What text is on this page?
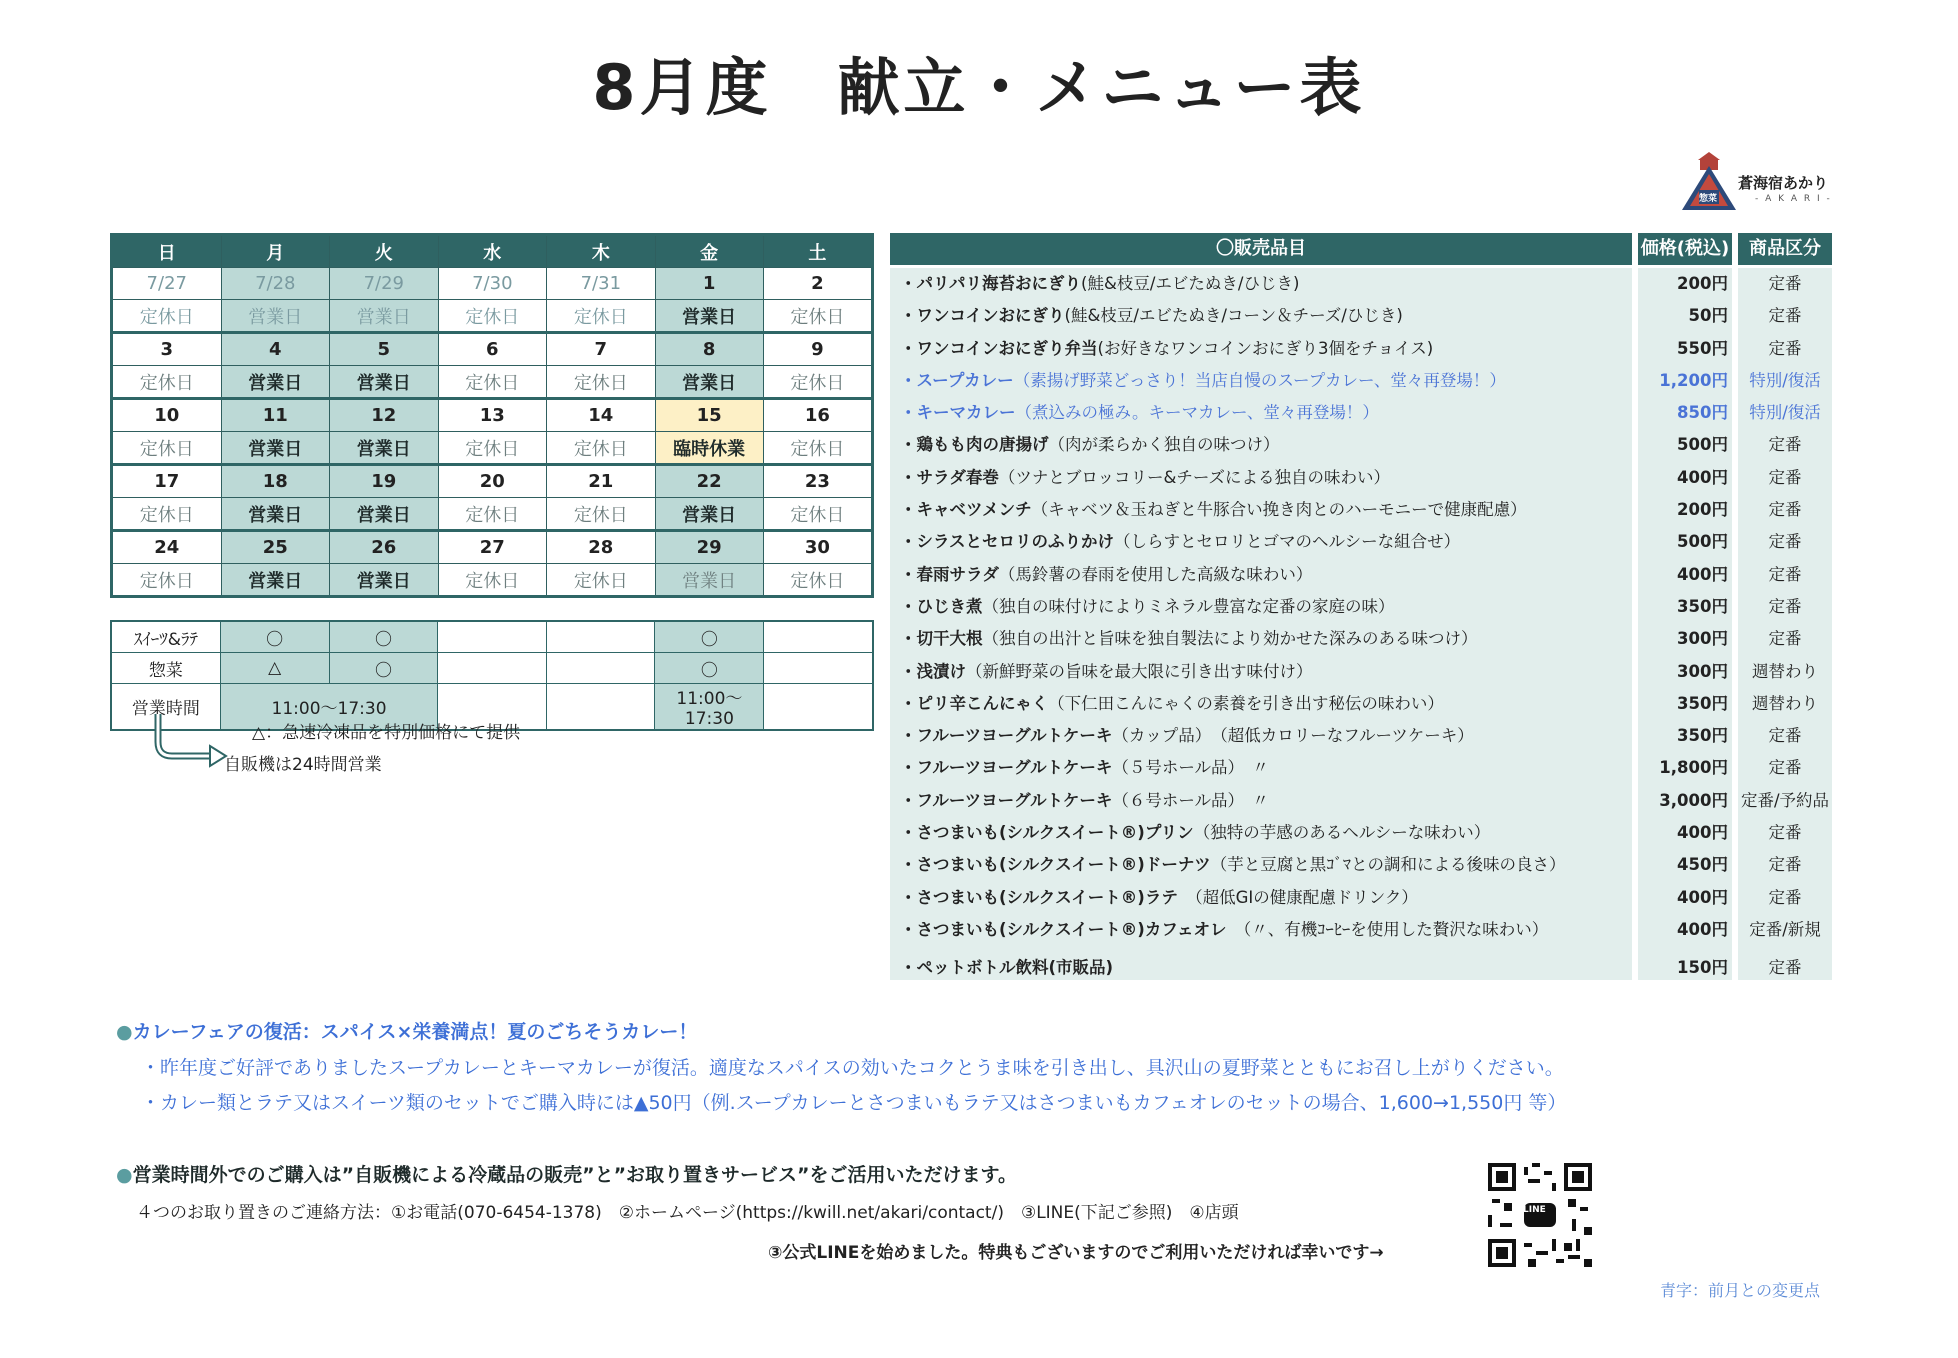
8月度　献立・メニュー表
惣菜
蒼海宿あかり
- A K A R I -
日	月	火	水	木	金	土
7/27	7/28	7/29	7/30	7/31	1	2
定休日	営業日	営業日	定休日	定休日	営業日	定休日
3	4	5	6	7	8	9
定休日	営業日	営業日	定休日	定休日	営業日	定休日
10	11	12	13	14	15	16
定休日	営業日	営業日	定休日	定休日	臨時休業	定休日
17	18	19	20	21	22	23
定休日	営業日	営業日	定休日	定休日	営業日	定休日
24	25	26	27	28	29	30
定休日	営業日	営業日	定休日	定休日	営業日	定休日
ｽｲｰﾂ&ﾗﾃ	〇	〇			〇	
惣菜	△	〇			〇	
営業時間	11:00～17:30				11:00～17:30	
△：急速冷凍品を特別価格にて提供
自販機は24時間営業
〇販売品目	価格(税込)	商品区分
・パリパリ海苔おにぎり(鮭&枝豆/エビたぬき/ひじき)	200円	定番
・ワンコインおにぎり(鮭&枝豆/エビたぬき/コーン＆チーズ/ひじき)	50円	定番
・ワンコインおにぎり弁当(お好きなワンコインおにぎり3個をチョイス)	550円	定番
・スープカレー（素揚げ野菜どっさり！当店自慢のスープカレー、堂々再登場！）	1,200円	特別/復活
・キーマカレー（煮込みの極み。キーマカレー、堂々再登場！）	850円	特別/復活
・鶏もも肉の唐揚げ（肉が柔らかく独自の味つけ）	500円	定番
・サラダ春巻（ツナとブロッコリー&チーズによる独自の味わい）	400円	定番
・キャベツメンチ（キャベツ＆玉ねぎと牛豚合い挽き肉とのハーモニーで健康配慮）	200円	定番
・シラスとセロリのふりかけ（しらすとセロリとゴマのヘルシーな組合せ）	500円	定番
・春雨サラダ（馬鈴薯の春雨を使用した高級な味わい）	400円	定番
・ひじき煮（独自の味付けによりミネラル豊富な定番の家庭の味）	350円	定番
・切干大根（独自の出汁と旨味を独自製法により効かせた深みのある味つけ）	300円	定番
・浅漬け（新鮮野菜の旨味を最大限に引き出す味付け）	300円	週替わり
・ピリ辛こんにゃく（下仁田こんにゃくの素養を引き出す秘伝の味わい）	350円	週替わり
・フルーツヨーグルトケーキ（カップ品）　（超低カロリーなフルーツケーキ）	350円	定番
・フルーツヨーグルトケーキ（５号ホール品）　〃	1,800円	定番
・フルーツヨーグルトケーキ（６号ホール品）　〃	3,000円 定番/予約品
・さつまいも(シルクスイート®)プリン（独特の芋感のあるヘルシーな味わい）	400円	定番
・さつまいも(シルクスイート®)ドーナツ（芋と豆腐と黒ｺﾞﾏとの調和による後味の良さ）	450円	定番
・さつまいも(シルクスイート®)ラテ　（超低GIの健康配慮ドリンク）	400円	定番
・さつまいも(シルクスイート®)カフェオレ　（〃、有機ｺｰﾋｰを使用した贅沢な味わい）	400円	定番/新規
・ペットボトル飲料(市販品)	150円	定番
●カレーフェアの復活：スパイス×栄養満点！夏のごちそうカレー！
・昨年度ご好評でありましたスープカレーとキーマカレーが復活。適度なスパイスの効いたコクとうま味を引き出し、具沢山の夏野菜とともにお召し上がりください。
・カレー類とラテ又はスイーツ類のセットでご購入時には▲50円（例.スープカレーとさつまいもラテ又はさつまいもカフェオレのセットの場合、1,600→1,550円 等）
●営業時間外でのご購入は”自販機による冷蔵品の販売”と”お取り置きサービス”をご活用いただけます。
４つのお取り置きのご連絡方法：①お電話(070-6454-1378)　②ホームページ(https://kwill.net/akari/contact/)　③LINE(下記ご参照)　④店頭
③公式LINEを始めました。特典もございますのでご利用いただければ幸いです→
青字：前月との変更点
LINE
